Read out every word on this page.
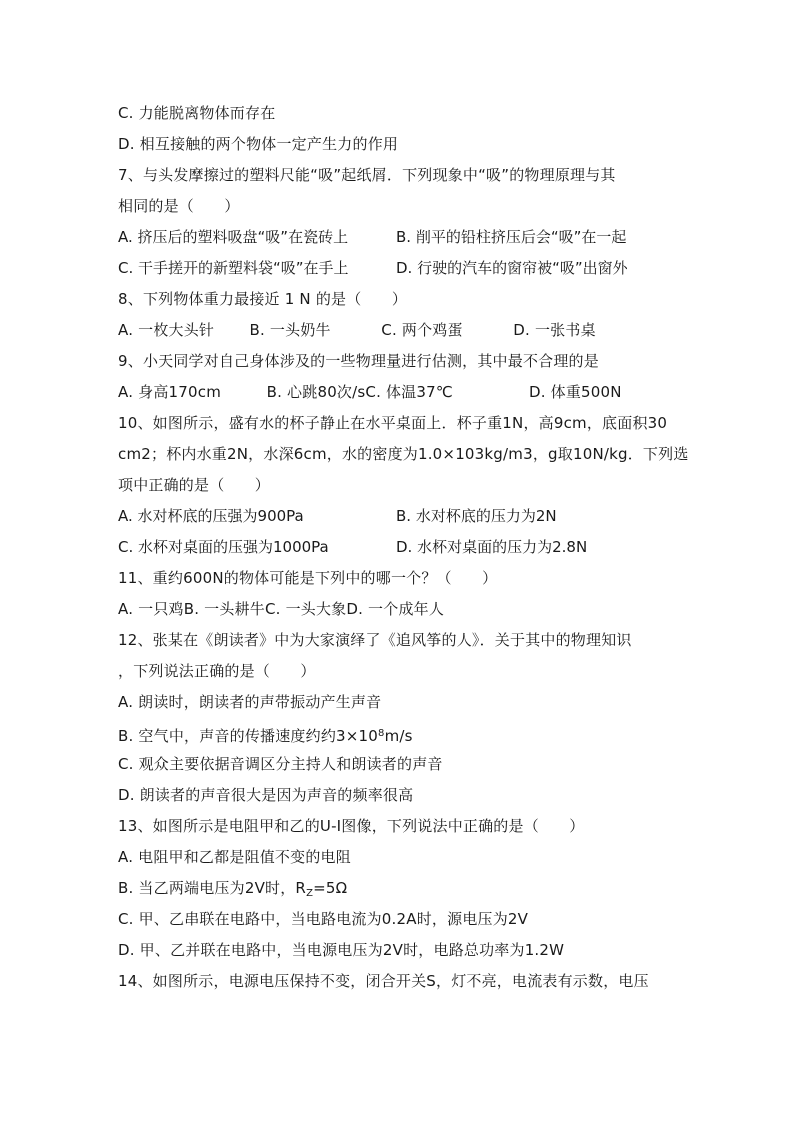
C. 力能脱离物体而存在
D. 相互接触的两个物体一定产生力的作用
7、与头发摩擦过的塑料尺能“吸”起纸屑．下列现象中“吸”的物理原理与其
相同的是（　　）
A. 挤压后的塑料吸盘“吸”在瓷砖上	B. 削平的铅柱挤压后会“吸”在一起
C. 干手搓开的新塑料袋“吸”在手上	D. 行驶的汽车的窗帘被“吸”出窗外
8、下列物体重力最接近 1 N 的是（　　）
A. 一枚大头针　　 B. 一头奶牛　　　 C. 两个鸡蛋　　　 D. 一张书桌
9、小天同学对自己身体涉及的一些物理量进行估测，其中最不合理的是
A. 身高170cm　　　B. 心跳80次/sC. 体温37℃　　　　　D. 体重500N
10、如图所示，盛有水的杯子静止在水平桌面上．杯子重1N，高9cm，底面积30
cm2；杯内水重2N，水深6cm，水的密度为1.0×103kg/m3，g取10N/kg．下列选
项中正确的是（　　）
A. 水对杯底的压强为900Pa	B. 水对杯底的压力为2N
C. 水杯对桌面的压强为1000Pa	D. 水杯对桌面的压力为2.8N
11、重约600N的物体可能是下列中的哪一个？（　　）
A. 一只鸡B. 一头耕牛C. 一头大象D. 一个成年人
12、张某在《朗读者》中为大家演绎了《追风筝的人》．关于其中的物理知识
，下列说法正确的是（　　）
A. 朗读时，朗读者的声带振动产生声音
B. 空气中，声音的传播速度约约$3\times 10^8m/s$
C. 观众主要依据音调区分主持人和朗读者的声音
D. 朗读者的声音很大是因为声音的频率很高
13、如图所示是电阻甲和乙的U-I图像，下列说法中正确的是（　　）
A. 电阻甲和乙都是阻值不变的电阻
B. 当乙两端电压为2V时，$R_Z=5\Omega$
C. 甲、乙串联在电路中，当电路电流为0.2A时，源电压为2V
D. 甲、乙并联在电路中，当电源电压为2V时，电路总功率为1.2W
14、如图所示，电源电压保持不变，闭合开关S，灯不亮，电流表有示数，电压
